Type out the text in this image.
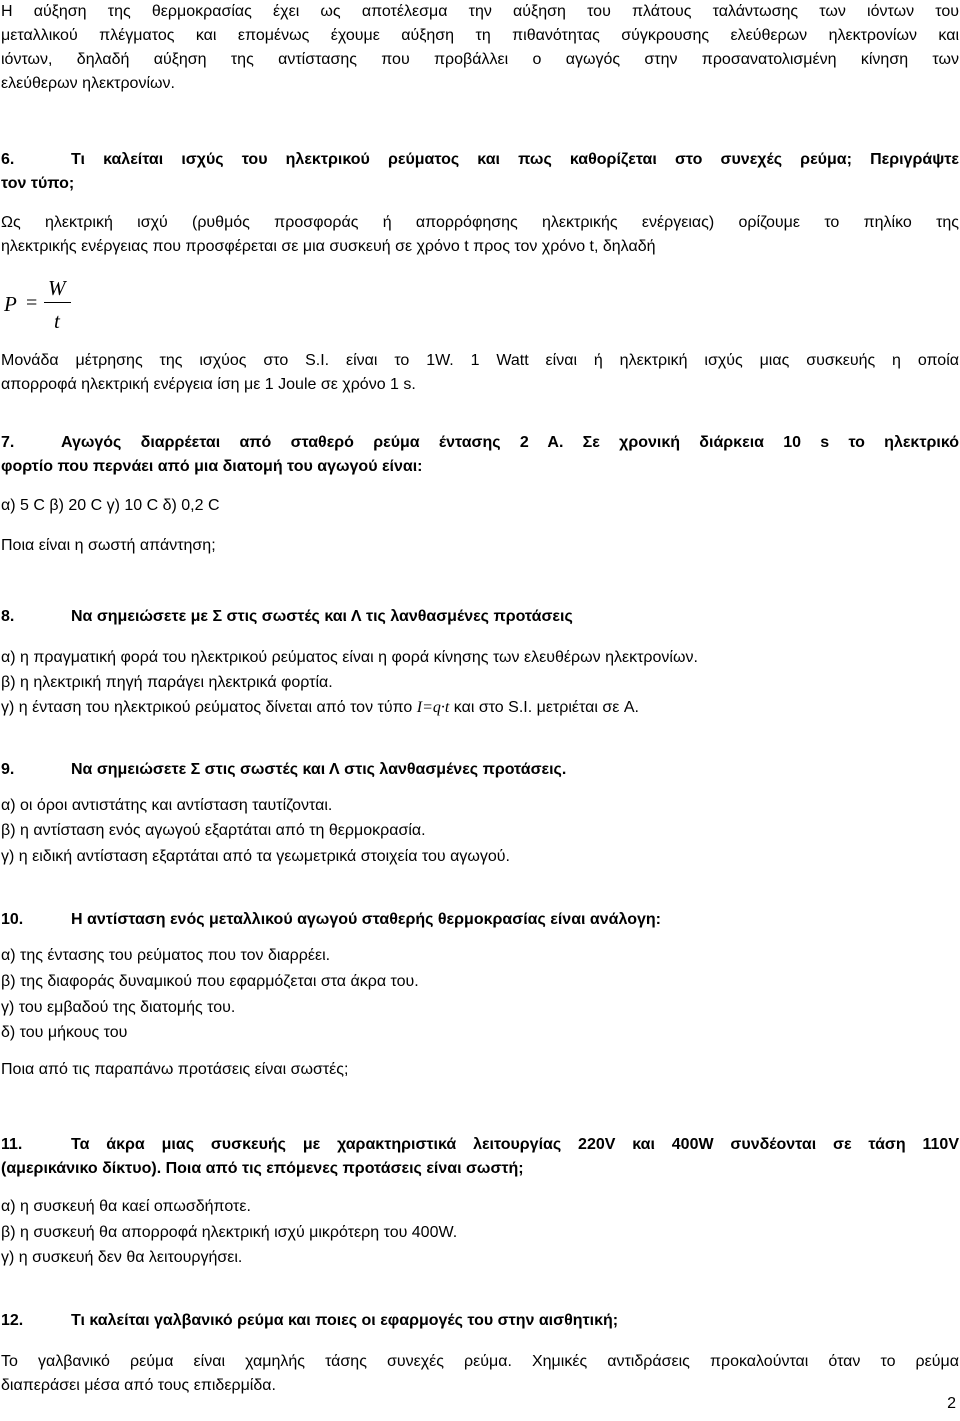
Η αύξηση της θερμοκρασίας έχει ως αποτέλεσμα την αύξηση του πλάτους ταλάντωσης των ιόντων του
μεταλλικού πλέγματος και επομένως έχουμε αύξηση τη πιθανότητας σύγκρουσης ελεύθερων ηλεκτρονίων και
ιόντων, δηλαδή αύξηση της αντίστασης που προβάλλει ο αγωγός στην προσανατολισμένη κίνηση των
ελεύθερων ηλεκτρονίων.
6.	Τι καλείται ισχύς του ηλεκτρικού ρεύματος και πως καθορίζεται στο συνεχές ρεύμα; Περιγράψτε
τον τύπο;
Ως ηλεκτρική ισχύ (ρυθμός προσφοράς ή απορρόφησης ηλεκτρικής ενέργειας) ορίζουμε το πηλίκο της
ηλεκτρικής ενέργειας που προσφέρεται σε μια συσκευή σε χρόνο t προς τον χρόνο t, δηλαδή
P =
W
t
Μονάδα μέτρησης της ισχύος στο S.I. είναι το 1W. 1 Watt είναι ή ηλεκτρική ισχύς μιας συσκευής η οποία
απορροφά ηλεκτρική ενέργεια ίση με 1 Joule σε χρόνο 1 s.
7.	Αγωγός διαρρέεται από σταθερό ρεύμα έντασης 2 Α. Σε χρονική διάρκεια 10 s το ηλεκτρικό
φορτίο που περνάει από μια διατομή του αγωγού είναι:
α) 5 C β) 20 C γ) 10 C δ) 0,2 C
Ποια είναι η σωστή απάντηση;
8.	Να σημειώσετε με Σ στις σωστές και Λ τις λανθασμένες προτάσεις
α) η πραγματική φορά του ηλεκτρικού ρεύματος είναι η φορά κίνησης των ελευθέρων ηλεκτρονίων.
β) η ηλεκτρική πηγή παράγει ηλεκτρικά φορτία.
γ) η ένταση του ηλεκτρικού ρεύματος δίνεται από τον τύπο I=q·t και στο S.I. μετριέται σε A.
9.	Να σημειώσετε Σ στις σωστές και Λ στις λανθασμένες προτάσεις.
α) οι όροι αντιστάτης και αντίσταση ταυτίζονται.
β) η αντίσταση ενός αγωγού εξαρτάται από τη θερμοκρασία.
γ) η ειδική αντίσταση εξαρτάται από τα γεωμετρικά στοιχεία του αγωγού.
10.	Η αντίσταση ενός μεταλλικού αγωγού σταθερής θερμοκρασίας είναι ανάλογη:
α) της έντασης του ρεύματος που τον διαρρέει.
β) της διαφοράς δυναμικού που εφαρμόζεται στα άκρα του.
γ) του εμβαδού της διατομής του.
δ) του μήκους του
Ποια από τις παραπάνω προτάσεις είναι σωστές;
11.	Τα άκρα μιας συσκευής με χαρακτηριστικά λειτουργίας 220V και 400W συνδέονται σε τάση 110V
(αμερικάνικο δίκτυο). Ποια από τις επόμενες προτάσεις είναι σωστή;
α) η συσκευή θα καεί οπωσδήποτε.
β) η συσκευή θα απορροφά ηλεκτρική ισχύ μικρότερη του 400W.
γ) η συσκευή δεν θα λειτουργήσει.
12.	Τι καλείται γαλβανικό ρεύμα και ποιες οι εφαρμογές του στην αισθητική;
Το γαλβανικό ρεύμα είναι χαμηλής τάσης συνεχές ρεύμα. Χημικές αντιδράσεις προκαλούνται όταν το ρεύμα
διαπεράσει μέσα από τους επιδερμίδα.
2
